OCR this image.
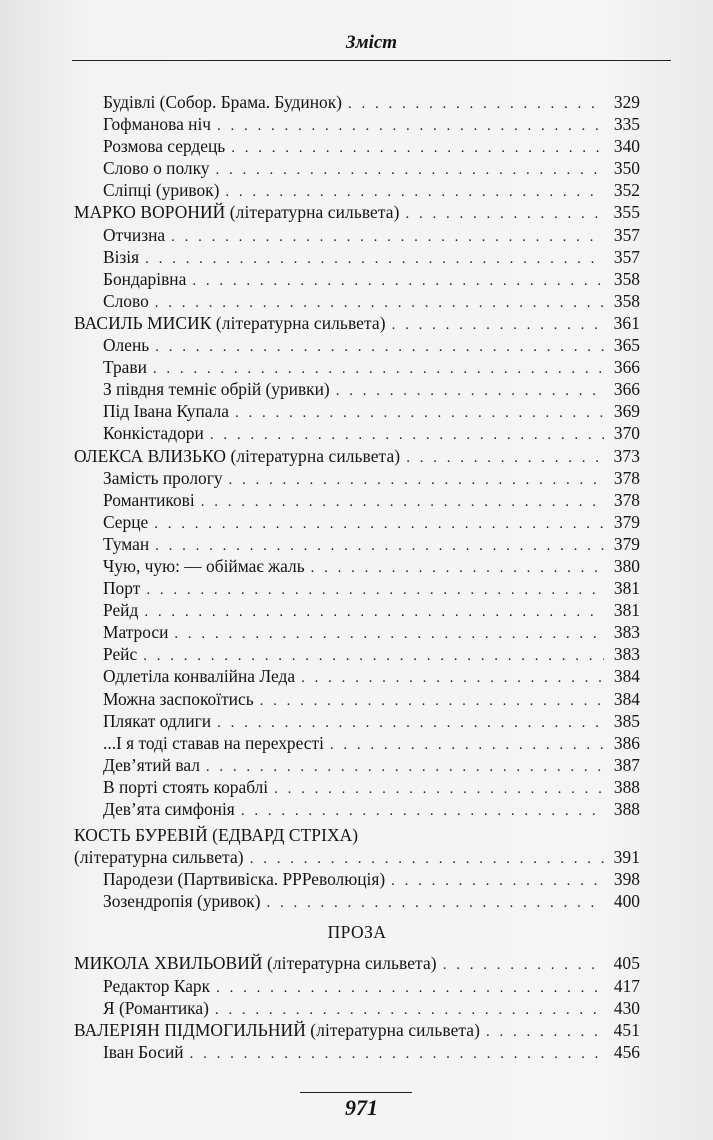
Зміст
Будівлі (Собор. Брама. Будинок) . . .	329
Гофманова ніч . . .	335
Розмова сердець . . .	340
Слово о полку . . .	350
Сліпці (уривок) . . .	352
МАРКО ВОРОНИЙ (літературна сильвета) . . .	355
Отчизна . . .	357
Візія . . .	357
Бондарівна . . .	358
Слово . . .	358
ВАСИЛЬ МИСИК (літературна сильвета) . . .	361
Олень . . .	365
Трави . . .	366
З півдня темніє обрій (уривки) . . .	366
Під Івана Купала . . .	369
Конкістадори . . .	370
ОЛЕКСА ВЛИЗЬКО (літературна сильвета) . . .	373
Замість прологу . . .	378
Романтикові . . .	378
Серце . . .	379
Туман . . .	379
Чую, чую: — обіймає жаль . . .	380
Порт . . .	381
Рейд . . .	381
Матроси . . .	383
Рейс . . .	383
Одлетіла конвалійна Леда . . .	384
Можна заспокоїтись . . .	384
Плякат одлиги . . .	385
...І я тоді ставав на перехресті . . .	386
Дев’ятий вал . . .	387
В порті стоять кораблі . . .	388
Дев’ята симфонія . . .	388
КОСТЬ БУРЕВІЙ (ЕДВАРД СТРІХА)
(літературна сильвета) . . .	391
Пародези (Партвивіска. РРРеволюція) . . .	398
Зозендропія (уривок) . . .	400
ПРОЗА
МИКОЛА ХВИЛЬОВИЙ (літературна сильвета) . . .	405
Редактор Карк . . .	417
Я (Романтика) . . .	430
ВАЛЕРІЯН ПІДМОГИЛЬНИЙ (літературна сильвета) . . .	451
Іван Босий . . .	456
971
